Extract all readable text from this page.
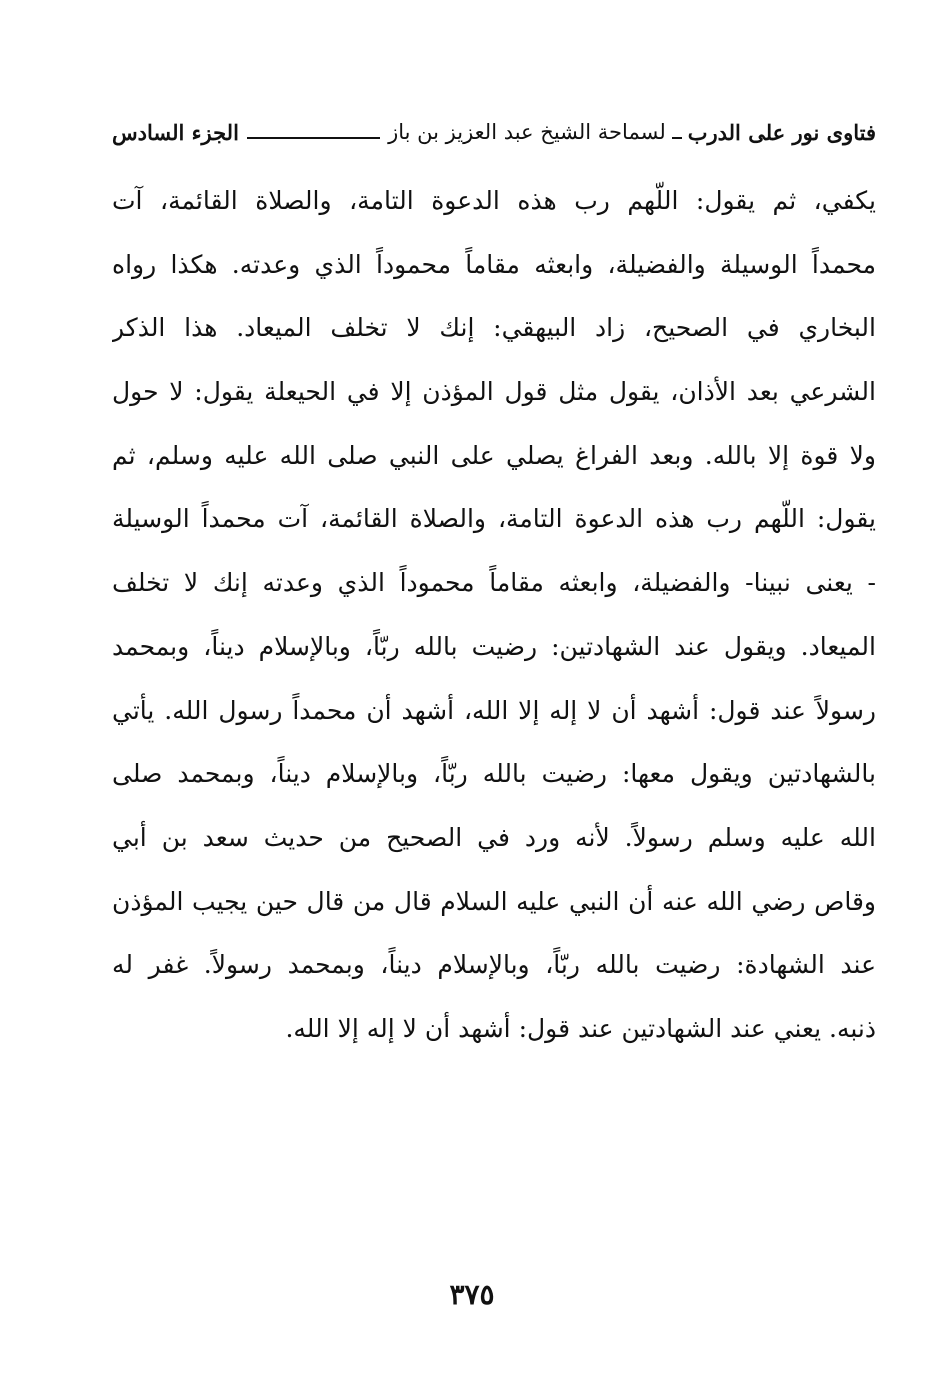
فتاوى نور على الدرب
لسماحة الشيخ عبد العزيز بن باز
الجزء السادس
يكفي، ثم يقول: اللّهم رب هذه الدعوة التامة، والصلاة القائمة، آت
محمداً الوسيلة والفضيلة، وابعثه مقاماً محموداً الذي وعدته. هكذا رواه
البخاري في الصحيح، زاد البيهقي: إنك لا تخلف الميعاد. هذا الذكر
الشرعي بعد الأذان، يقول مثل قول المؤذن إلا في الحيعلة يقول: لا حول
ولا قوة إلا بالله. وبعد الفراغ يصلي على النبي صلى الله عليه وسلم، ثم
يقول: اللّهم رب هذه الدعوة التامة، والصلاة القائمة، آت محمداً الوسيلة
- يعنى نبينا- والفضيلة، وابعثه مقاماً محموداً الذي وعدته إنك لا تخلف
الميعاد. ويقول عند الشهادتين: رضيت بالله ربّاً، وبالإسلام ديناً، وبمحمد
رسولاً عند قول: أشهد أن لا إله إلا الله، أشهد أن محمداً رسول الله. يأتي
بالشهادتين ويقول معها: رضيت بالله ربّاً، وبالإسلام ديناً، وبمحمد صلى
الله عليه وسلم رسولاً. لأنه ورد في الصحيح من حديث سعد بن أبي
وقاص رضي الله عنه أن النبي عليه السلام قال من قال حين يجيب المؤذن
عند الشهادة: رضيت بالله ربّاً، وبالإسلام ديناً، وبمحمد رسولاً. غفر له
ذنبه. يعني عند الشهادتين عند قول: أشهد أن لا إله إلا الله.
٣٧٥
